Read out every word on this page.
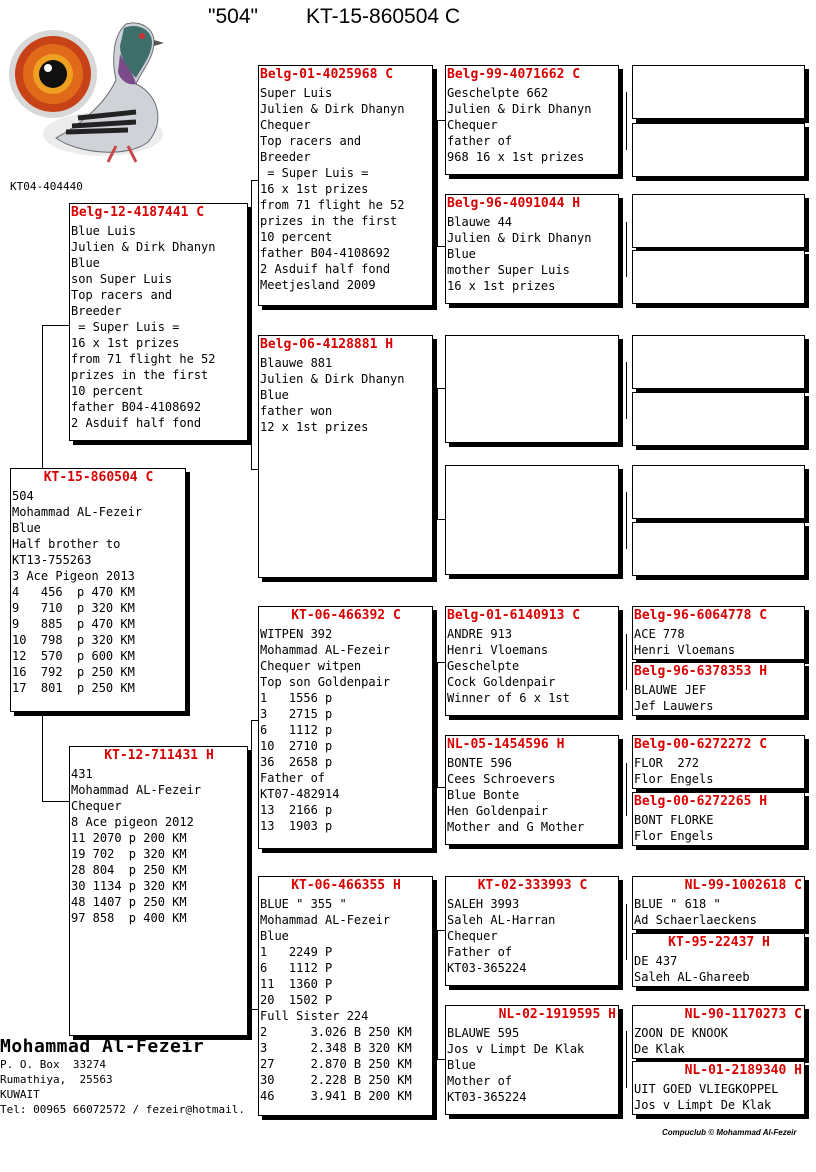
"504" KT-15-860504 C
KT04-404440
KT-15-860504 C
504
Mohammad AL-Fezeir
Blue
Half brother to
KT13-755263
3 Ace Pigeon 2013
4   456  p 470 KM
9   710  p 320 KM
9   885  p 470 KM
10  798  p 320 KM
12  570  p 600 KM
16  792  p 250 KM
17  801  p 250 KM
Belg-12-4187441 C
Blue Luis
Julien & Dirk Dhanyn
Blue
son Super Luis
Top racers and
Breeder
= Super Luis =
16 x 1st prizes
from 71 flight he 52
prizes in the first
10 percent
father B04-4108692
2 Asduif half fond
KT-12-711431 H
431
Mohammad AL-Fezeir
Chequer
8 Ace pigeon 2012
11 2070 p 200 KM
19 702  p 320 KM
28 804  p 250 KM
30 1134 p 320 KM
48 1407 p 250 KM
97 858  p 400 KM
Belg-01-4025968 C
Super Luis
Julien & Dirk Dhanyn
Chequer
Top racers and
Breeder
= Super Luis =
16 x 1st prizes
from 71 flight he 52
prizes in the first
10 percent
father B04-4108692
2 Asduif half fond
Meetjesland 2009
Belg-06-4128881 H
Blauwe 881
Julien & Dirk Dhanyn
Blue
father won
12 x 1st prizes
KT-06-466392 C
WITPEN 392
Mohammad AL-Fezeir
Chequer witpen
Top son Goldenpair
1   1556 p
3   2715 p
6   1112 p
10  2710 p
36  2658 p
Father of
KT07-482914
13  2166 p
13  1903 p
KT-06-466355 H
BLUE " 355 "
Mohammad AL-Fezeir
Blue
1   2249 P
6   1112 P
11  1360 P
20  1502 P
Full Sister 224
2      3.026 B 250 KM
3      2.348 B 320 KM
27     2.870 B 250 KM
30     2.228 B 250 KM
46     3.941 B 200 KM
Belg-99-4071662 C
Geschelpte 662
Julien & Dirk Dhanyn
Chequer
father of
968 16 x 1st prizes
Belg-96-4091044 H
Blauwe 44
Julien & Dirk Dhanyn
Blue
mother Super Luis
16 x 1st prizes
Belg-01-6140913 C
ANDRE 913
Henri Vloemans
Geschelpte
Cock Goldenpair
Winner of 6 x 1st
NL-05-1454596 H
BONTE 596
Cees Schroevers
Blue Bonte
Hen Goldenpair
Mother and G Mother
KT-02-333993 C
SALEH 3993
Saleh AL-Harran
Chequer
Father of
KT03-365224
NL-02-1919595 H
BLAUWE 595
Jos v Limpt De Klak
Blue
Mother of
KT03-365224
Belg-96-6064778 C
ACE 778
Henri Vloemans
Belg-96-6378353 H
BLAUWE JEF
Jef Lauwers
Belg-00-6272272 C
FLOR  272
Flor Engels
Belg-00-6272265 H
BONT FLORKE
Flor Engels
NL-99-1002618 C
BLUE " 618 "
Ad Schaerlaeckens
KT-95-22437 H
DE 437
Saleh AL-Ghareeb
NL-90-1170273 C
ZOON DE KNOOK
De Klak
NL-01-2189340 H
UIT GOED VLIEGKOPPEL
Jos v Limpt De Klak
Mohammad Al-Fezeir
P. O. Box  33274
Rumathiya,  25563
KUWAIT
Tel: 00965 66072572 / fezeir@hotmail.
Compuclub © Mohammad Al-Fezeir
